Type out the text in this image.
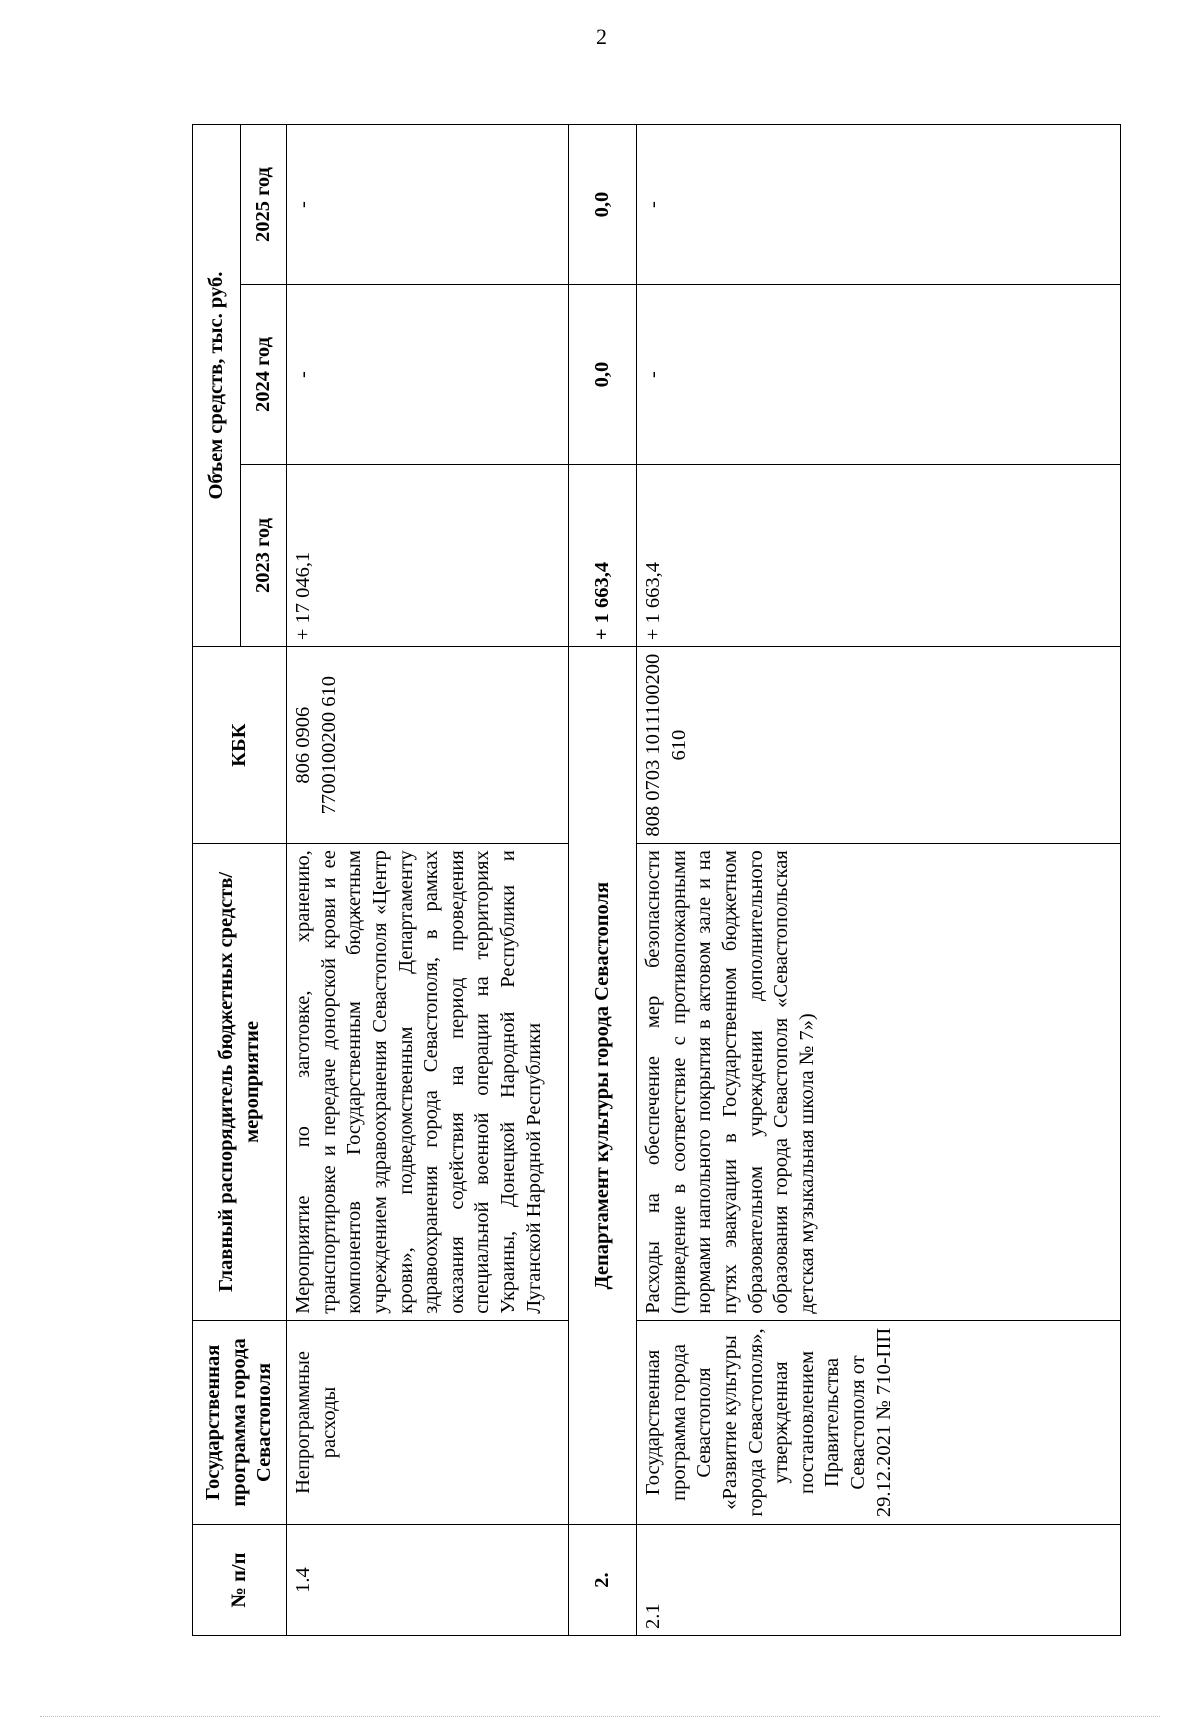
2
№ п/п	Государственная программа города Севастополя	Главный распорядитель бюджетных средств/мероприятие	КБК	Объем средств, тыс. руб.		
				2023 год	2024 год	2025 год
1.4	Непрограммные расходы	Мероприятие по заготовке, хранению, транспортировке и передаче донорской крови и ее компонентов Государственным бюджетным учреждением здравоохранения Севастополя «Центр крови», подведомственным Департаменту здравоохранения города Севастополя, в рамках оказания содействия на период проведения специальной военной операции на территориях Украины, Донецкой Народной Республики и Луганской Народной Республики	806 0906 7700100200 610	+ 17 046,1	-	-
2.	Департамент культуры города Севастополя			+ 1 663,4	0,0	0,0
2.1	Государственная программа города Севастополя «Развитие культуры города Севастополя», утвержденная постановлением Правительства Севастополя от 29.12.2021 № 710-ПП	Расходы на обеспечение мер безопасности (приведение в соответствие с противопожарными нормами напольного покрытия в актовом зале и на путях эвакуации в Государственном бюджетном образовательном учреждении дополнительного образования города Севастополя «Севастопольская детская музыкальная школа № 7»)	808 0703 1011100200 610	+ 1 663,4	-	-
